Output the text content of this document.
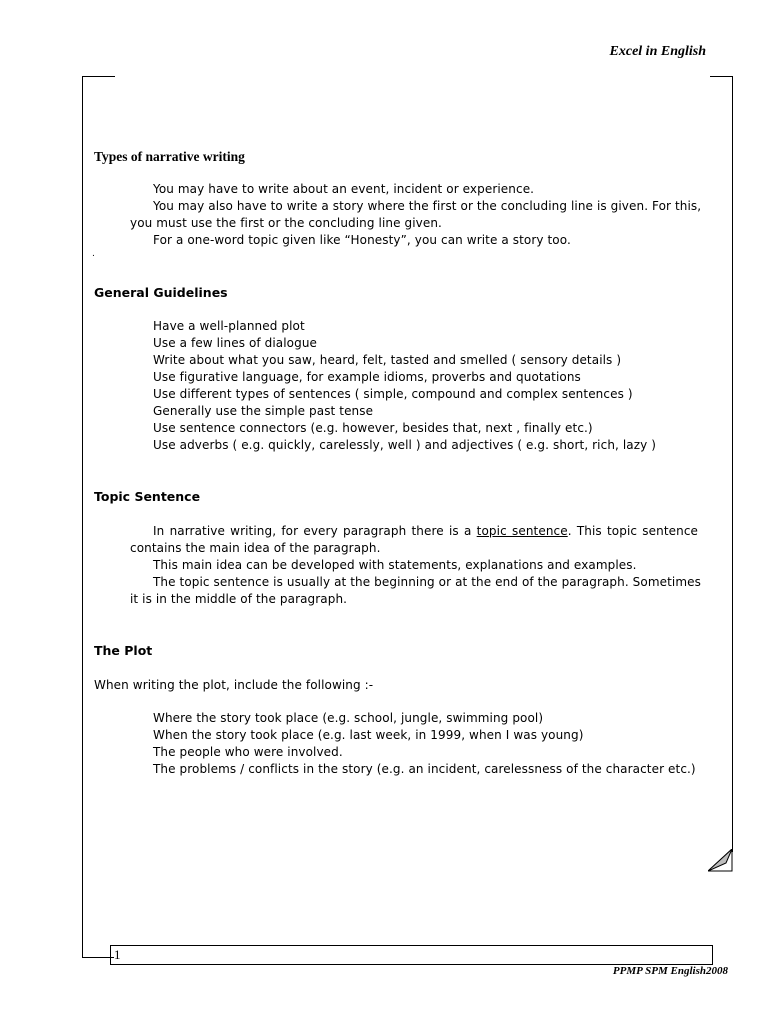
Excel in English
PPMP SPM English2008
1
Types of narrative writing
You may have to write about an event, incident or experience.
You may also have to write a story where the first or the concluding line is given. For this,
you must use the first or the concluding line given.
For a one-word topic given like “Honesty”, you can write a story too.
.
General Guidelines
Have a well-planned plot
Use a few lines of dialogue
Write about what you saw, heard, felt, tasted and smelled ( sensory details )
Use figurative language, for example idioms, proverbs and quotations
Use different types of sentences ( simple, compound and complex sentences )
Generally use the simple past tense
Use sentence connectors (e.g. however, besides that, next , finally etc.)
Use adverbs ( e.g. quickly, carelessly, well ) and adjectives ( e.g. short, rich, lazy )
Topic Sentence
In narrative writing, for every paragraph there is a topic sentence. This topic sentence
contains the main idea of the paragraph.
This main idea can be developed with statements, explanations and examples.
The topic sentence is usually at the beginning or at the end of the paragraph. Sometimes
it is in the middle of the paragraph.
The Plot
When writing the plot, include the following :-
Where the story took place (e.g. school, jungle, swimming pool)
When the story took place (e.g. last week, in 1999, when I was young)
The people who were involved.
The problems / conflicts in the story (e.g. an incident, carelessness of the character etc.)
